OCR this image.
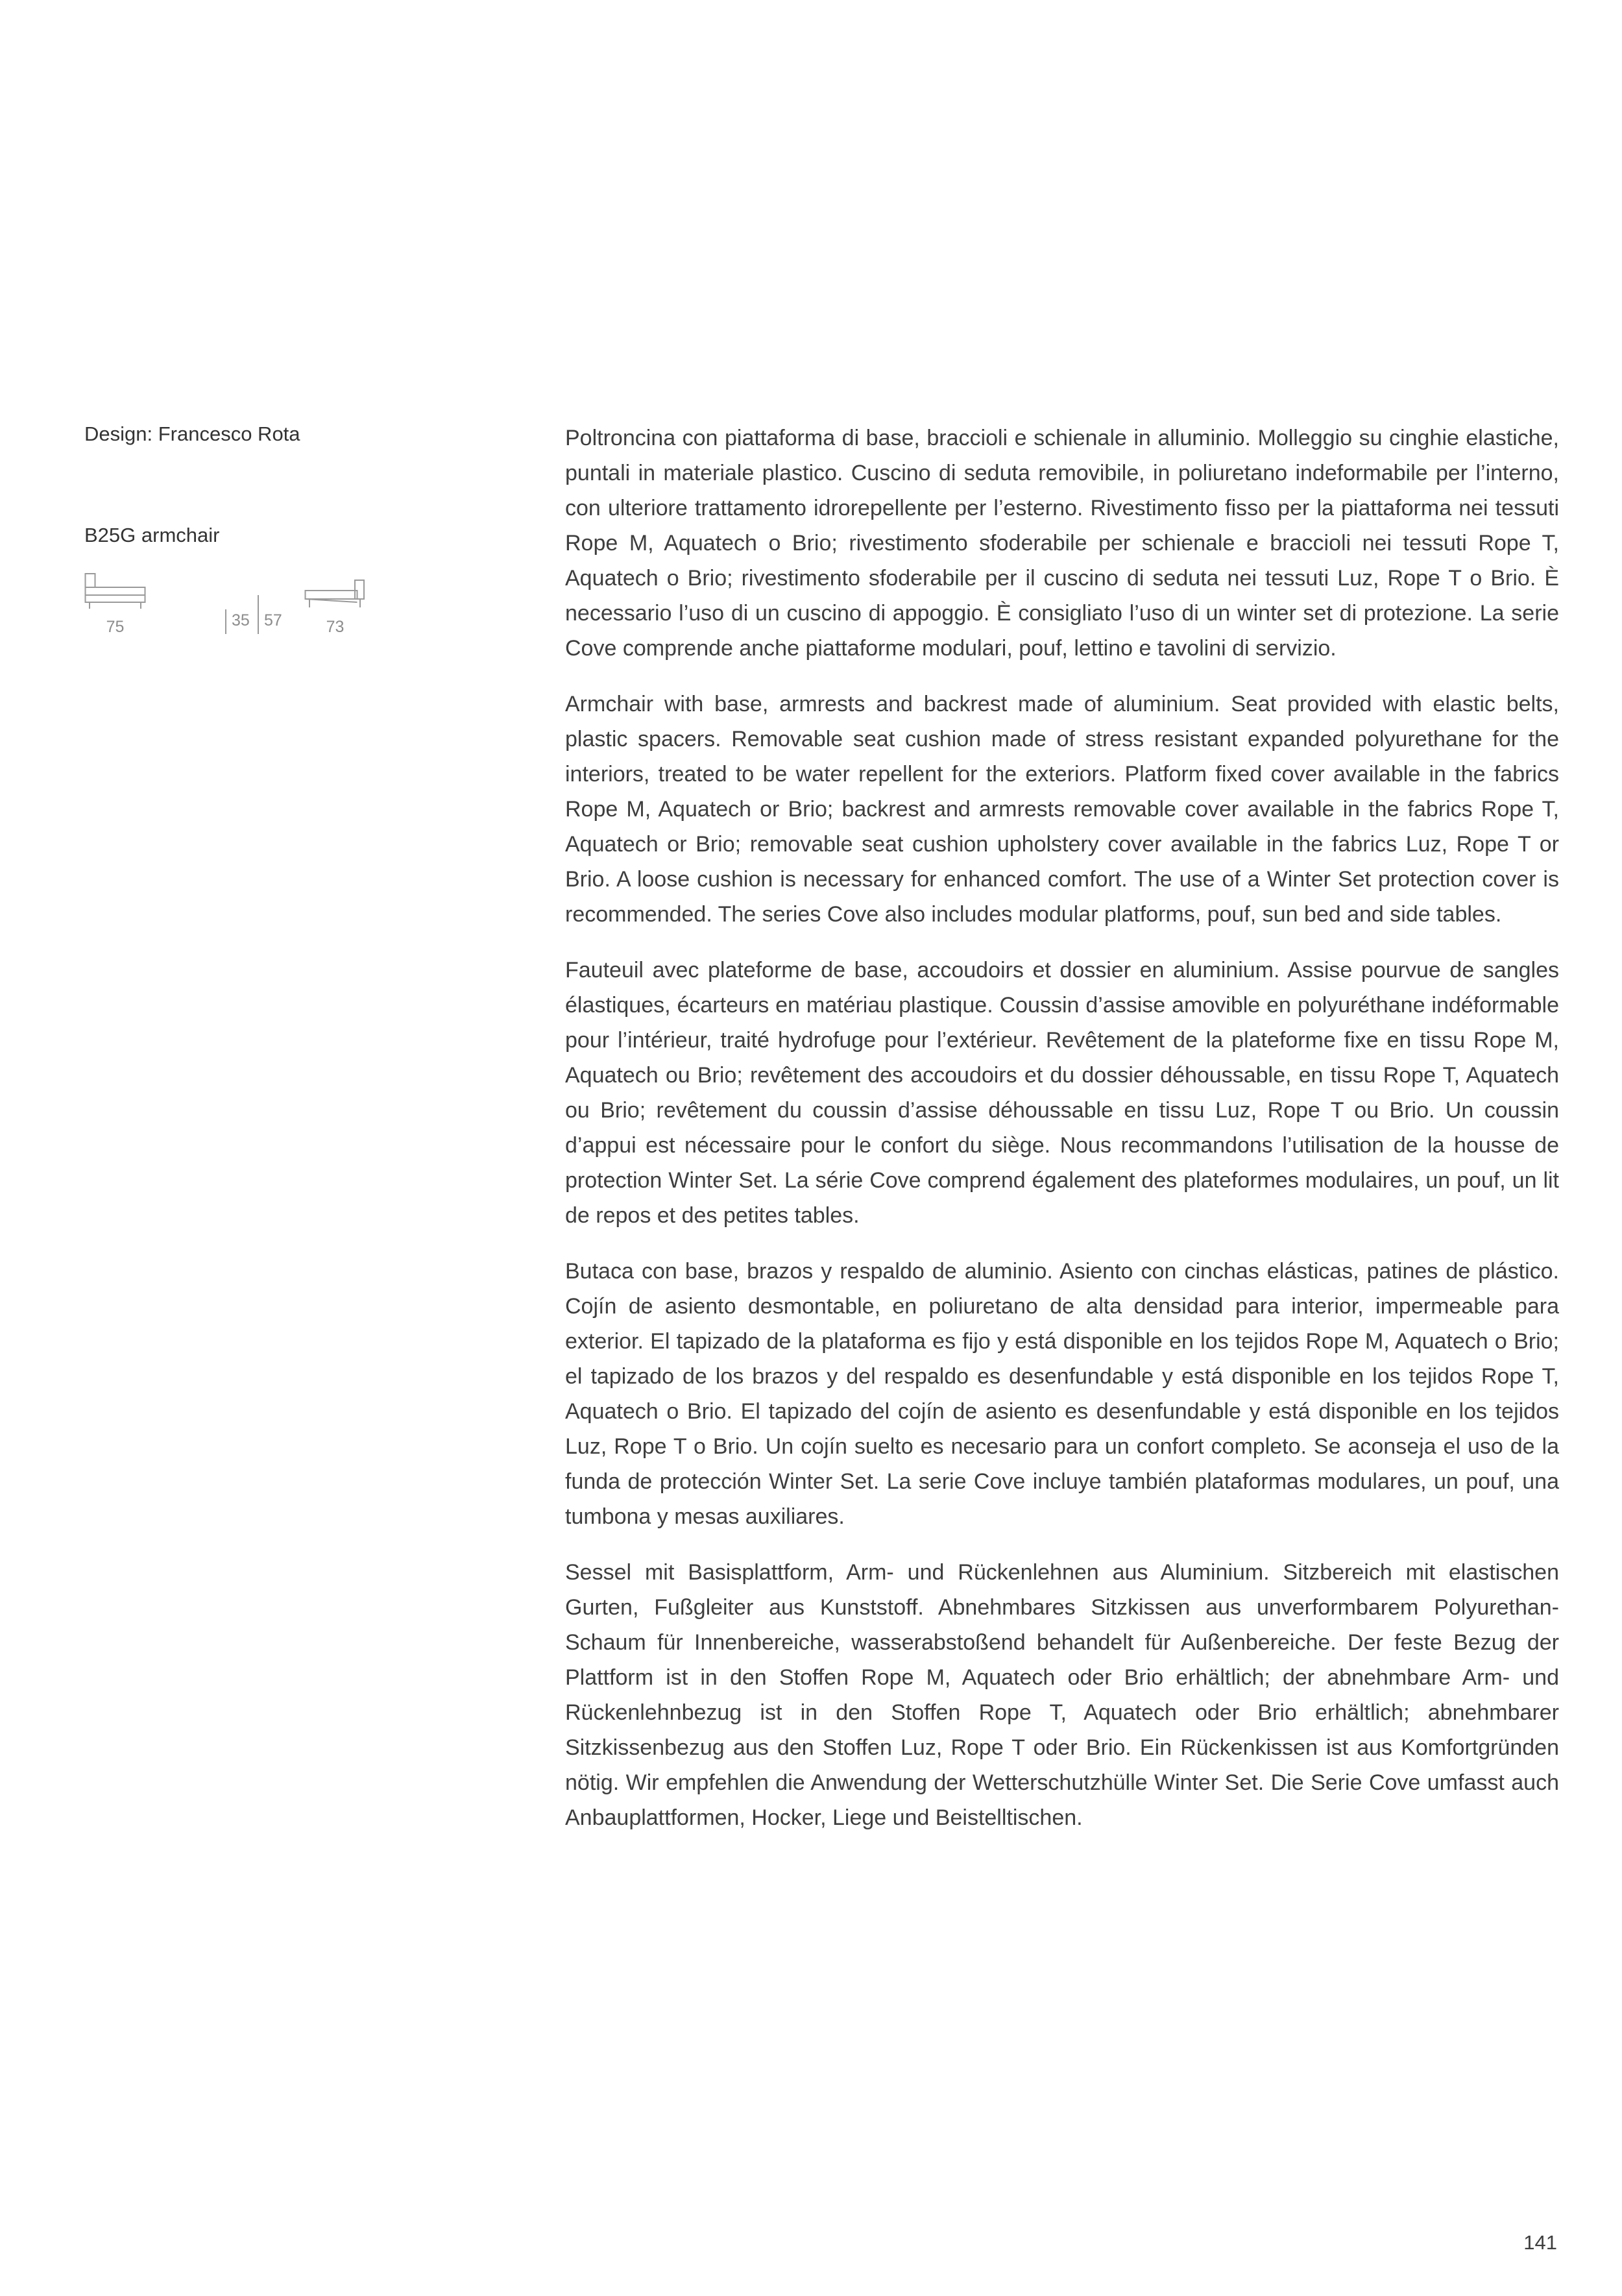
Design: Francesco Rota
B25G armchair
75	35 57	73

Poltroncina con piattaforma di base, braccioli e schienale in alluminio. Molleggio su cinghie elastiche, puntali in materiale plastico. Cuscino di seduta removibile, in poliuretano indeformabile per l’interno, con ulteriore trattamento idrorepellente per l’esterno. Rivestimento fisso per la piattaforma nei tessuti Rope M, Aquatech o Brio; rivestimento sfoderabile per schienale e braccioli nei tessuti Rope T, Aquatech o Brio; rivestimento sfoderabile per il cuscino di seduta nei tessuti Luz, Rope T o Brio. È necessario l’uso di un cuscino di appoggio. È consigliato l’uso di un winter set di protezione. La serie Cove comprende anche piattaforme modulari, pouf, lettino e tavolini di servizio.

Armchair with base, armrests and backrest made of aluminium. Seat provided with elastic belts, plastic spacers. Removable seat cushion made of stress resistant expanded polyurethane for the interiors, treated to be water repellent for the exteriors. Platform fixed cover available in the fabrics Rope M, Aquatech or Brio; backrest and armrests removable cover available in the fabrics Rope T, Aquatech or Brio; removable seat cushion upholstery cover available in the fabrics Luz, Rope T or Brio. A loose cushion is necessary for enhanced comfort. The use of a Winter Set protection cover is recommended. The series Cove also includes modular platforms, pouf, sun bed and side tables.

Fauteuil avec plateforme de base, accoudoirs et dossier en aluminium. Assise pourvue de sangles élastiques, écarteurs en matériau plastique. Coussin d’assise amovible en polyuréthane indéformable pour l’intérieur, traité hydrofuge pour l’extérieur. Revêtement de la plateforme fixe en tissu Rope M, Aquatech ou Brio; revêtement des accoudoirs et du dossier déhoussable, en tissu Rope T, Aquatech ou Brio; revêtement du coussin d’assise déhoussable en tissu Luz, Rope T ou Brio. Un coussin d’appui est nécessaire pour le confort du siège. Nous recommandons l’utilisation de la housse de protection Winter Set. La série Cove comprend également des plateformes modulaires, un pouf, un lit de repos et des petites tables.

Butaca con base, brazos y respaldo de aluminio. Asiento con cinchas elásticas, patines de plástico. Cojín de asiento desmontable, en poliuretano de alta densidad para interior, impermeable para exterior. El tapizado de la plataforma es fijo y está disponible en los tejidos Rope M, Aquatech o Brio; el tapizado de los brazos y del respaldo es desenfundable y está disponible en los tejidos Rope T, Aquatech o Brio. El tapizado del cojín de asiento es desenfundable y está disponible en los tejidos Luz, Rope T o Brio. Un cojín suelto es necesario para un confort completo. Se aconseja el uso de la funda de protección Winter Set. La serie Cove incluye también plataformas modulares, un pouf, una tumbona y mesas auxiliares.

Sessel mit Basisplattform, Arm- und Rückenlehnen aus Aluminium. Sitzbereich mit elastischen Gurten, Fußgleiter aus Kunststoff. Abnehmbares Sitzkissen aus unverformbarem Polyurethan-Schaum für Innenbereiche, wasserabstoßend behandelt für Außenbereiche. Der feste Bezug der Plattform ist in den Stoffen Rope M, Aquatech oder Brio erhältlich; der abnehmbare Arm- und Rückenlehnbezug ist in den Stoffen Rope T, Aquatech oder Brio erhältlich; abnehmbarer Sitzkissenbezug aus den Stoffen Luz, Rope T oder Brio. Ein Rückenkissen ist aus Komfortgründen nötig. Wir empfehlen die Anwendung der Wetterschutzhülle Winter Set. Die Serie Cove umfasst auch Anbauplattformen, Hocker, Liege und Beistelltischen.

141
